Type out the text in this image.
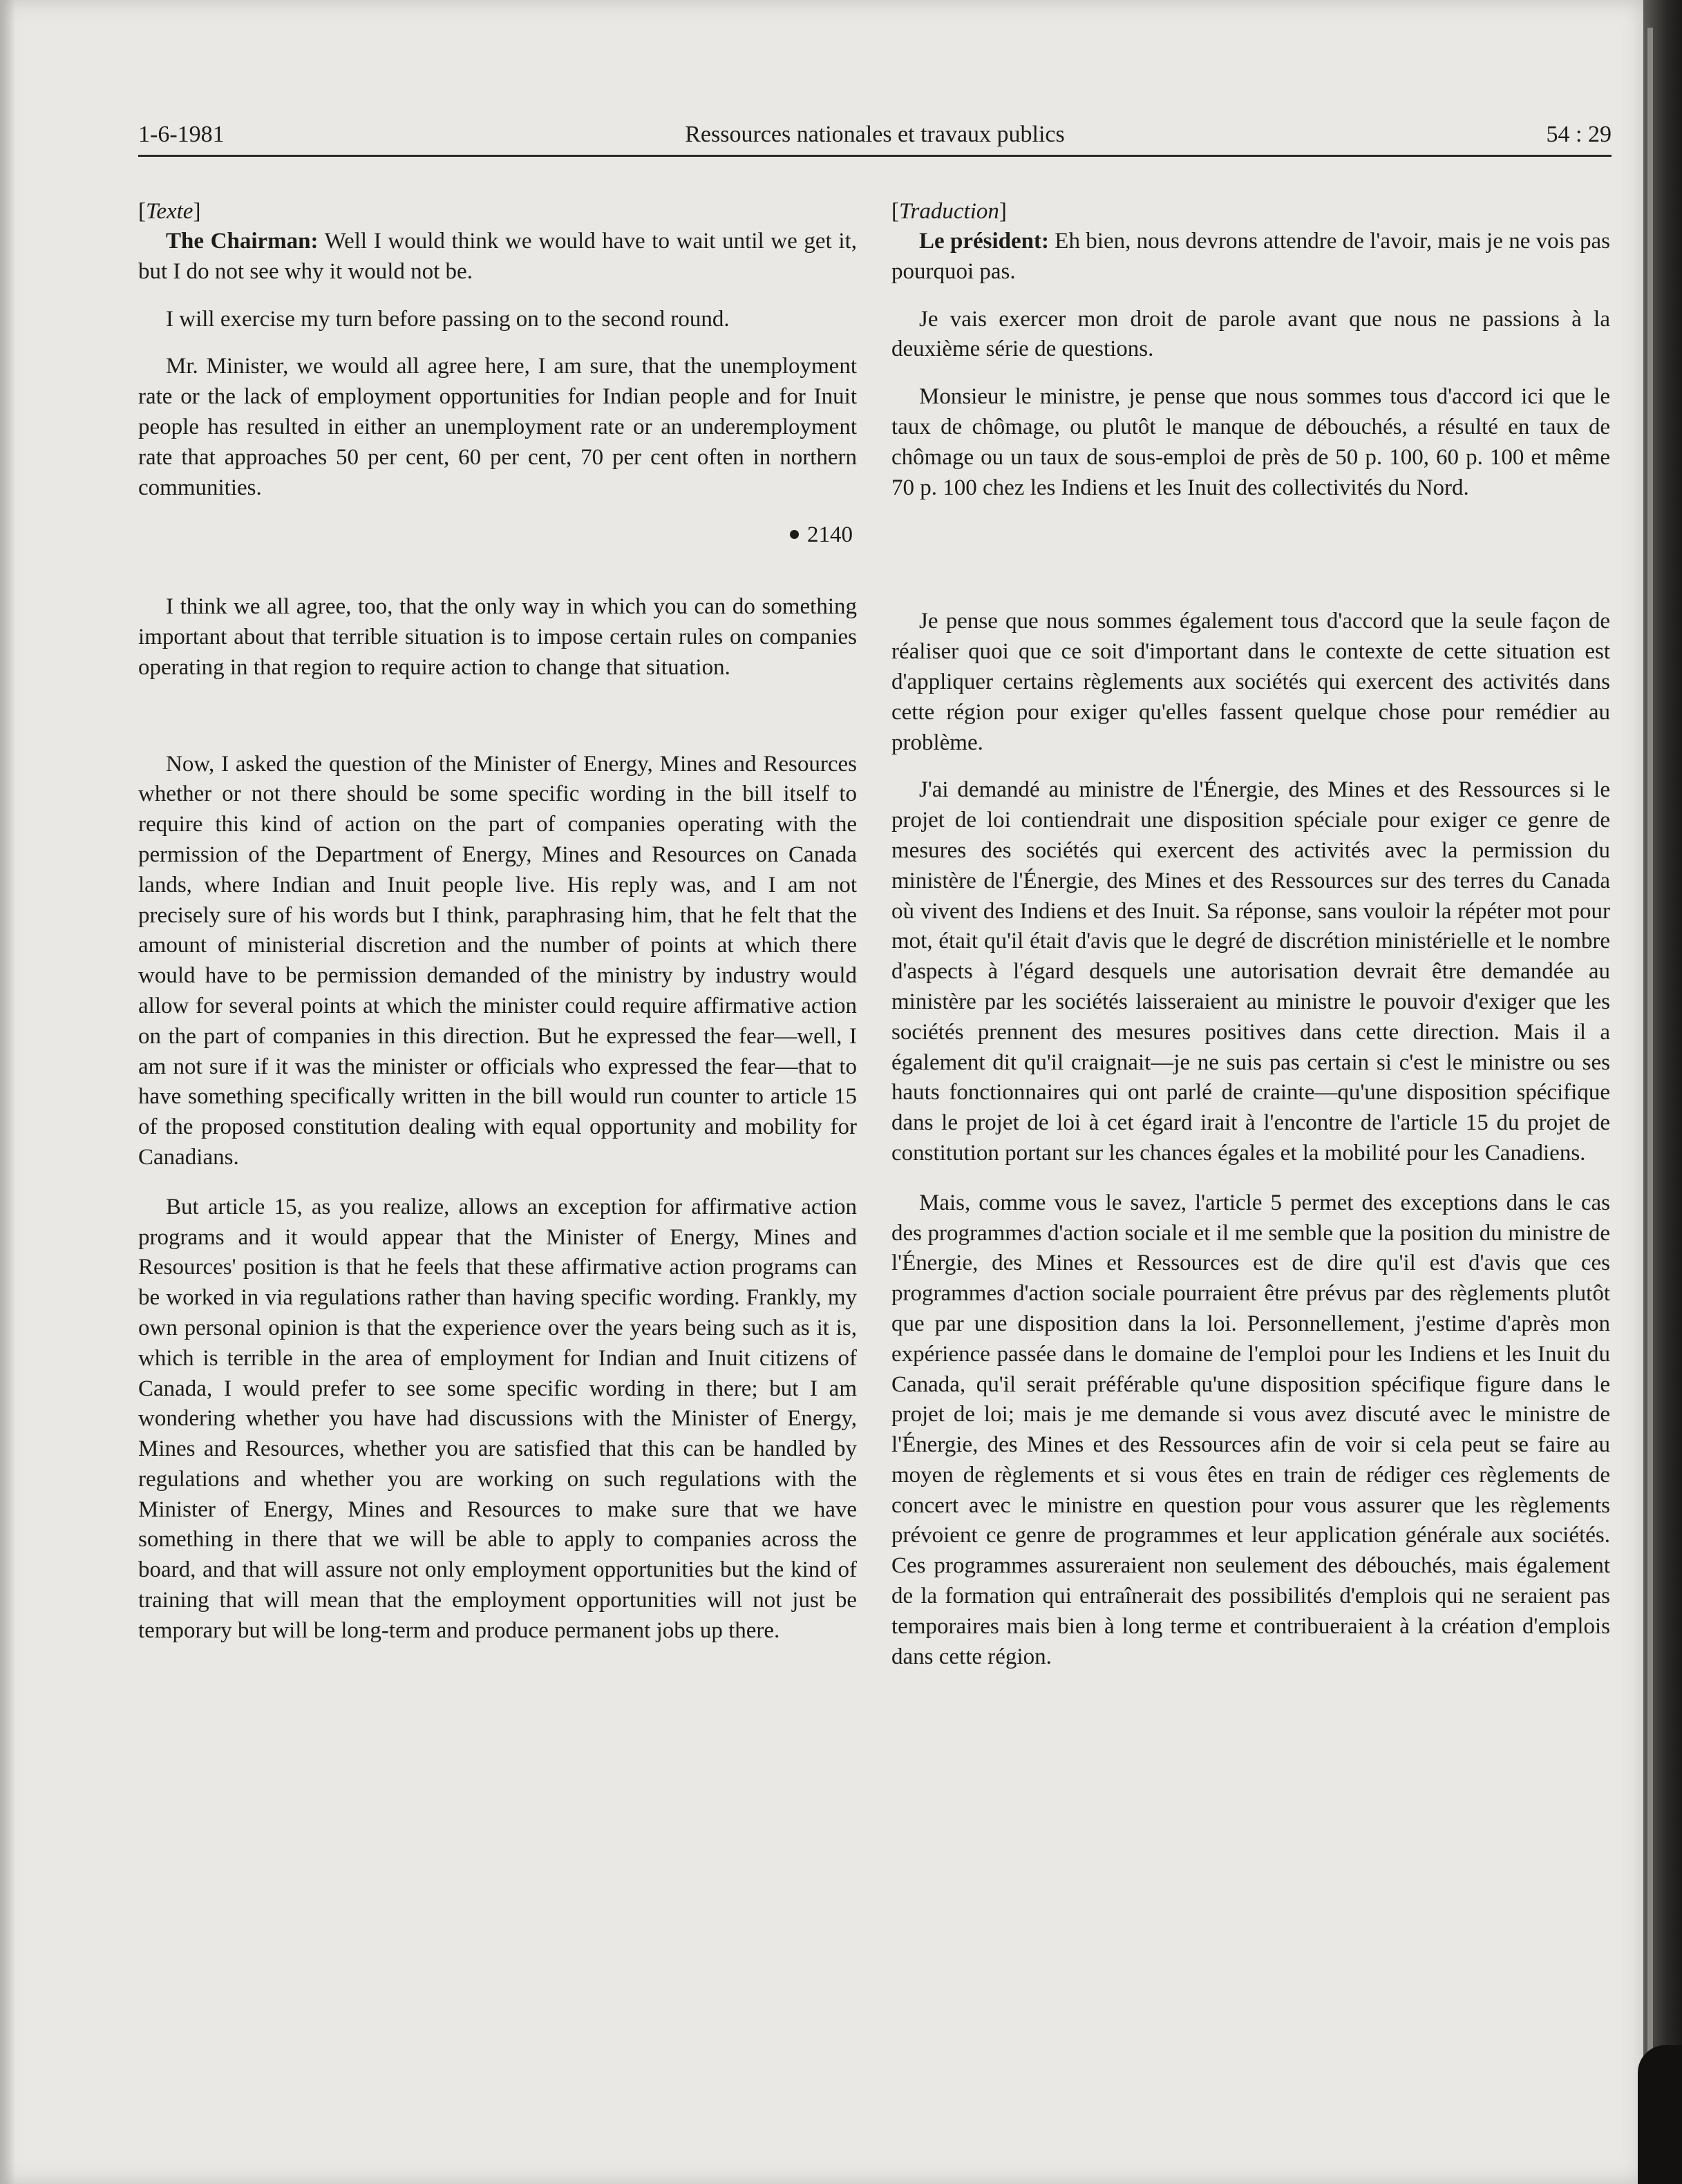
1-6-1981	Ressources nationales et travaux publics	54 : 29
[Texte]

The Chairman: Well I would think we would have to wait until we get it, but I do not see why it would not be.

I will exercise my turn before passing on to the second round.

Mr. Minister, we would all agree here, I am sure, that the unemployment rate or the lack of employment opportunities for Indian people and for Inuit people has resulted in either an unemployment rate or an underemployment rate that approaches 50 per cent, 60 per cent, 70 per cent often in northern communities.

2140

I think we all agree, too, that the only way in which you can do something important about that terrible situation is to impose certain rules on companies operating in that region to require action to change that situation.

Now, I asked the question of the Minister of Energy, Mines and Resources whether or not there should be some specific wording in the bill itself to require this kind of action on the part of companies operating with the permission of the Department of Energy, Mines and Resources on Canada lands, where Indian and Inuit people live. His reply was, and I am not precisely sure of his words but I think, paraphrasing him, that he felt that the amount of ministerial discretion and the number of points at which there would have to be permission demanded of the ministry by industry would allow for several points at which the minister could require affirmative action on the part of companies in this direction. But he expressed the fear—well, I am not sure if it was the minister or officials who expressed the fear—that to have something specifically written in the bill would run counter to article 15 of the proposed constitution dealing with equal opportunity and mobility for Canadians.

But article 15, as you realize, allows an exception for affirmative action programs and it would appear that the Minister of Energy, Mines and Resources' position is that he feels that these affirmative action programs can be worked in via regulations rather than having specific wording. Frankly, my own personal opinion is that the experience over the years being such as it is, which is terrible in the area of employment for Indian and Inuit citizens of Canada, I would prefer to see some specific wording in there; but I am wondering whether you have had discussions with the Minister of Energy, Mines and Resources, whether you are satisfied that this can be handled by regulations and whether you are working on such regulations with the Minister of Energy, Mines and Resources to make sure that we have something in there that we will be able to apply to companies across the board, and that will assure not only employment opportunities but the kind of training that will mean that the employment opportunities will not just be temporary but will be long-term and produce permanent jobs up there.

[Traduction]

Le président: Eh bien, nous devrons attendre de l'avoir, mais je ne vois pas pourquoi pas.

Je vais exercer mon droit de parole avant que nous ne passions à la deuxième série de questions.

Monsieur le ministre, je pense que nous sommes tous d'accord ici que le taux de chômage, ou plutôt le manque de débouchés, a résulté en taux de chômage ou un taux de sous-emploi de près de 50 p. 100, 60 p. 100 et même 70 p. 100 chez les Indiens et les Inuit des collectivités du Nord.

Je pense que nous sommes également tous d'accord que la seule façon de réaliser quoi que ce soit d'important dans le contexte de cette situation est d'appliquer certains règlements aux sociétés qui exercent des activités dans cette région pour exiger qu'elles fassent quelque chose pour remédier au problème.

J'ai demandé au ministre de l'Énergie, des Mines et des Ressources si le projet de loi contiendrait une disposition spéciale pour exiger ce genre de mesures des sociétés qui exercent des activités avec la permission du ministère de l'Énergie, des Mines et des Ressources sur des terres du Canada où vivent des Indiens et des Inuit. Sa réponse, sans vouloir la répéter mot pour mot, était qu'il était d'avis que le degré de discrétion ministérielle et le nombre d'aspects à l'égard desquels une autorisation devrait être demandée au ministère par les sociétés laisseraient au ministre le pouvoir d'exiger que les sociétés prennent des mesures positives dans cette direction. Mais il a également dit qu'il craignait—je ne suis pas certain si c'est le ministre ou ses hauts fonctionnaires qui ont parlé de crainte—qu'une disposition spécifique dans le projet de loi à cet égard irait à l'encontre de l'article 15 du projet de constitution portant sur les chances égales et la mobilité pour les Canadiens.

Mais, comme vous le savez, l'article 5 permet des exceptions dans le cas des programmes d'action sociale et il me semble que la position du ministre de l'Énergie, des Mines et Ressources est de dire qu'il est d'avis que ces programmes d'action sociale pourraient être prévus par des règlements plutôt que par une disposition dans la loi. Personnellement, j'estime d'après mon expérience passée dans le domaine de l'emploi pour les Indiens et les Inuit du Canada, qu'il serait préférable qu'une disposition spécifique figure dans le projet de loi; mais je me demande si vous avez discuté avec le ministre de l'Énergie, des Mines et des Ressources afin de voir si cela peut se faire au moyen de règlements et si vous êtes en train de rédiger ces règlements de concert avec le ministre en question pour vous assurer que les règlements prévoient ce genre de programmes et leur application générale aux sociétés. Ces programmes assureraient non seulement des débouchés, mais également de la formation qui entraînerait des possibilités d'emplois qui ne seraient pas temporaires mais bien à long terme et contribueraient à la création d'emplois dans cette région.
